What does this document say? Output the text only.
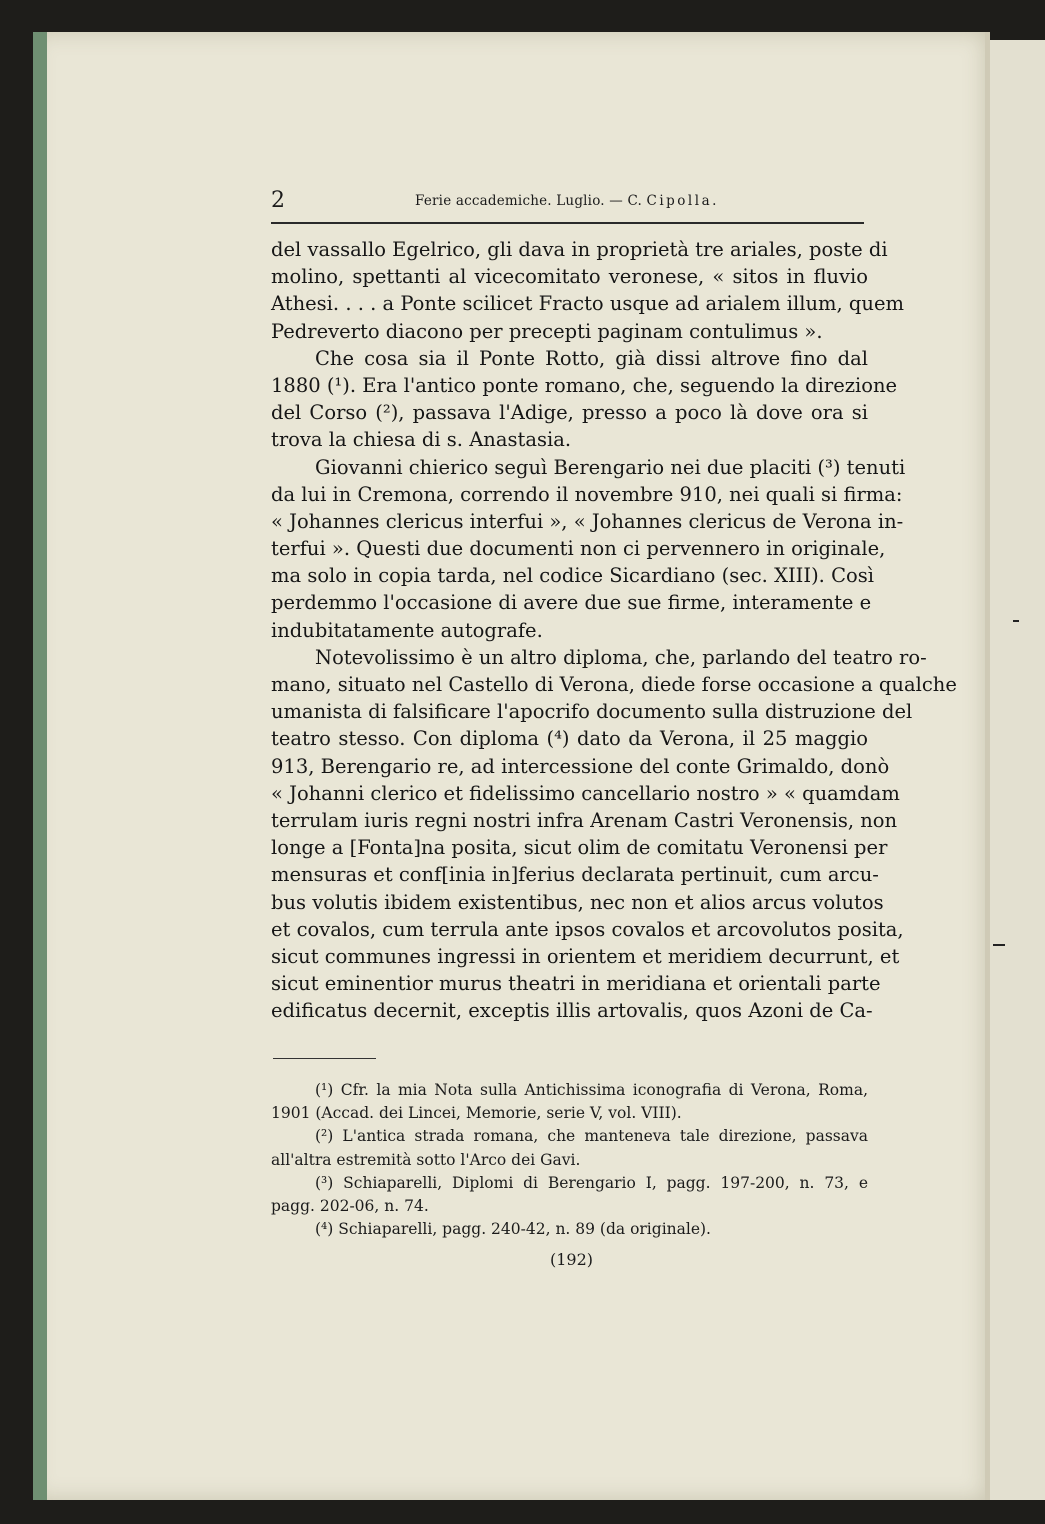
2	Ferie accademiche. Luglio. — C. Cipolla.
del vassallo Egelrico, gli dava in proprietà tre ariales, poste di
molino, spettanti al vicecomitato veronese, « sitos in fluvio
Athesi. . . . a Ponte scilicet Fracto usque ad arialem illum, quem
Pedreverto diacono per precepti paginam contulimus ».
Che cosa sia il Ponte Rotto, già dissi altrove fino dal
1880 (¹). Era l'antico ponte romano, che, seguendo la direzione
del Corso (²), passava l'Adige, presso a poco là dove ora si
trova la chiesa di s. Anastasia.
Giovanni chierico seguì Berengario nei due placiti (³) tenuti
da lui in Cremona, correndo il novembre 910, nei quali si firma:
« Johannes clericus interfui », « Johannes clericus de Verona in-
terfui ». Questi due documenti non ci pervennero in originale,
ma solo in copia tarda, nel codice Sicardiano (sec. XIII). Così
perdemmo l'occasione di avere due sue firme, interamente e
indubitatamente autografe.
Notevolissimo è un altro diploma, che, parlando del teatro ro-
mano, situato nel Castello di Verona, diede forse occasione a qualche
umanista di falsificare l'apocrifo documento sulla distruzione del
teatro stesso. Con diploma (⁴) dato da Verona, il 25 maggio
913, Berengario re, ad intercessione del conte Grimaldo, donò
« Johanni clerico et fidelissimo cancellario nostro » « quamdam
terrulam iuris regni nostri infra Arenam Castri Veronensis, non
longe a [Fonta]na posita, sicut olim de comitatu Veronensi per
mensuras et conf[inia in]ferius declarata pertinuit, cum arcu-
bus volutis ibidem existentibus, nec non et alios arcus volutos
et covalos, cum terrula ante ipsos covalos et arcovolutos posita,
sicut communes ingressi in orientem et meridiem decurrunt, et
sicut eminentior murus theatri in meridiana et orientali parte
edificatus decernit, exceptis illis artovalis, quos Azoni de Ca-
(¹) Cfr. la mia Nota sulla Antichissima iconografia di Verona, Roma,
1901 (Accad. dei Lincei, Memorie, serie V, vol. VIII).
(²) L'antica strada romana, che manteneva tale direzione, passava
all'altra estremità sotto l'Arco dei Gavi.
(³) Schiaparelli, Diplomi di Berengario I, pagg. 197-200, n. 73, e
pagg. 202-06, n. 74.
(⁴) Schiaparelli, pagg. 240-42, n. 89 (da originale).
(192)
